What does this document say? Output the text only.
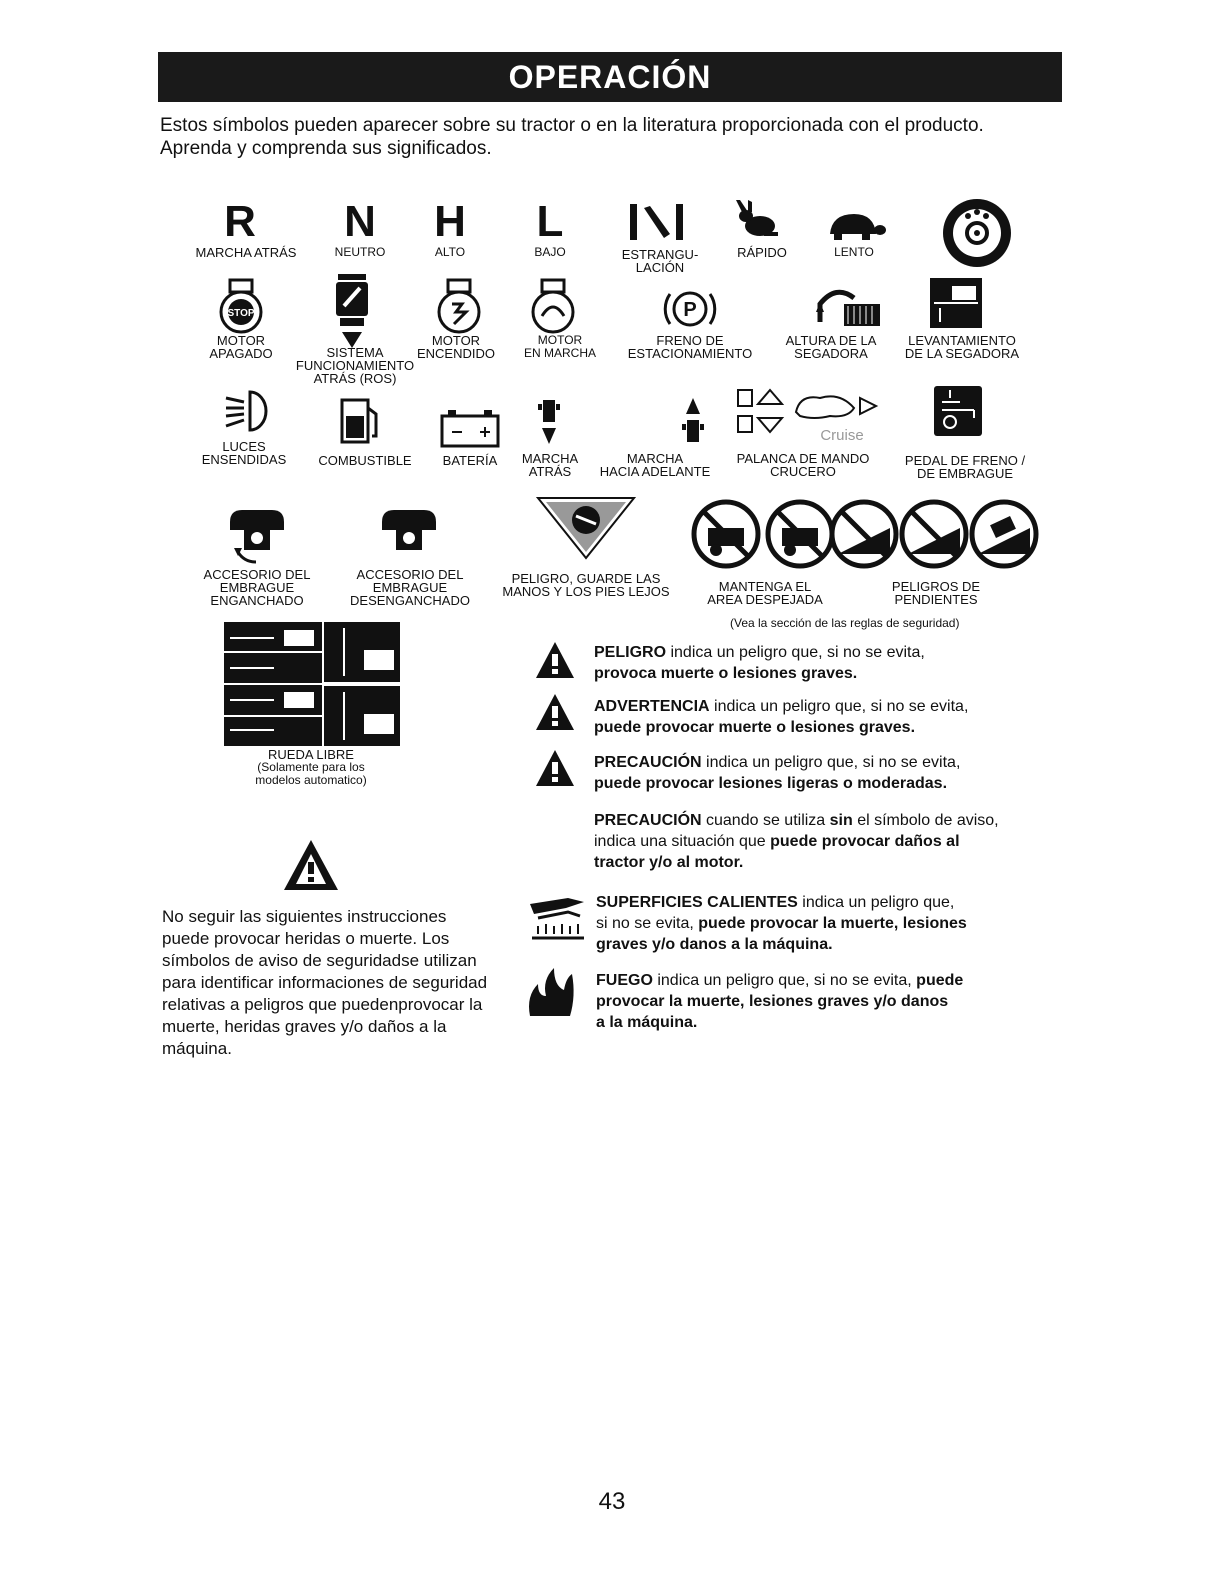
OPERACIÓN
Estos símbolos pueden aparecer sobre su tractor o en la literatura proporcionada con el producto.
Aprenda y comprenda sus significados.
R
MARCHA ATRÁS
N
NEUTRO
H
ALTO
L
BAJO	ESTRANGU-
LACIÓN
RÁPIDO	LENTO
STOP
MOTOR
APAGADO	SISTEMA
FUNCIONAMIENTO
ATRÁS (ROS)
MOTOR
ENCENDIDO
MOTOR
EN MARCHA
P
FRENO DE
ESTACIONAMIENTO
ALTURA DE LA
SEGADORA
LEVANTAMIENTO
DE LA SEGADORA
LUCES
ENSENDIDAS	COMBUSTIBLE	BATERÍA	MARCHA
ATRÁS
MARCHA
HACIA ADELANTE
Cruise
PALANCA DE MANDO
CRUCERO
PEDAL DE FRENO /
DE EMBRAGUE
ACCESORIO DEL
EMBRAGUE
ENGANCHADO
ACCESORIO DEL
EMBRAGUE
DESENGANCHADO
PELIGRO, GUARDE LAS
MANOS Y LOS PIES LEJOS	MANTENGA EL
AREA DESPEJADA
PELIGROS DE
PENDIENTES
(Vea la sección de las reglas de seguridad)
RUEDA LIBRE
(Solamente para los
modelos automatico)
PELIGRO indica un peligro que, si no se evita,
provoca muerte o lesiones graves.
ADVERTENCIA indica un peligro que, si no se evita,
puede provocar muerte o lesiones graves.
PRECAUCIÓN indica un peligro que, si no se evita,
puede provocar lesiones ligeras o moderadas.
PRECAUCIÓN cuando se utiliza sin el símbolo de aviso,
indica una situación que puede provocar daños al
tractor y/o al motor.
SUPERFICIES CALIENTES indica un peligro que,
si no se evita, puede provocar la muerte, lesiones
graves y/o danos a la máquina.
FUEGO indica un peligro que, si no se evita, puede
provocar la muerte, lesiones graves y/o danos
a la máquina.
No seguir las siguientes instrucciones
puede provocar heridas o muerte. Los
símbolos de aviso de seguridadse utilizan
para identificar informaciones de seguridad
relativas a peligros que puedenprovocar la
muerte, heridas graves y/o daños a la
máquina.
43
